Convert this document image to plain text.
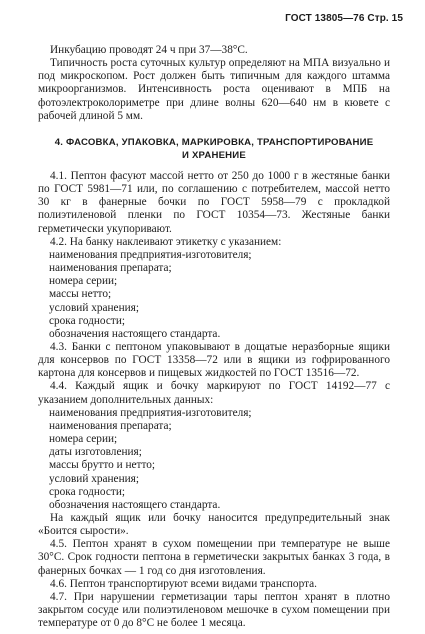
ГОСТ 13805—76 Стр. 15

Инкубацию проводят 24 ч при 37—38°С.

Типичность роста суточных культур определяют на МПА визуально и под микроскопом. Рост должен быть типичным для каждого штамма микроорганизмов. Интенсивность роста оценивают в МПБ на фотоэлектроколориметре при длине волны 620—640 нм в кювете с рабочей длиной 5 мм.

4. ФАСОВКА, УПАКОВКА, МАРКИРОВКА, ТРАНСПОРТИРОВАНИЕ

И ХРАНЕНИЕ

4.1. Пептон фасуют массой нетто от 250 до 1000 г в жестяные банки по ГОСТ 5981—71 или, по соглашению с потребителем, массой нетто 30 кг в фанерные бочки по ГОСТ 5958—79 с прокладкой полиэтиленовой пленки по ГОСТ 10354—73. Жестяные банки герметически укупоривают.

4.2. На банку наклеивают этикетку с указанием:

наименования предприятия-изготовителя;

наименования препарата;

номера серии;

массы нетто;

условий хранения;

срока годности;

обозначения настоящего стандарта.

4.3. Банки с пептоном упаковывают в дощатые неразборные ящики для консервов по ГОСТ 13358—72 или в ящики из гофрированного картона для консервов и пищевых жидкостей по ГОСТ 13516—72.

4.4. Каждый ящик и бочку маркируют по ГОСТ 14192—77 с указанием дополнительных данных:

наименования предприятия-изготовителя;

наименования препарата;

номера серии;

даты изготовления;

массы брутто и нетто;

условий хранения;

срока годности;

обозначения настоящего стандарта.

На каждый ящик или бочку наносится предупредительный знак «Боится сырости».

4.5. Пептон хранят в сухом помещении при температуре не выше 30°С. Срок годности пептона в герметически закрытых банках 3 года, в фанерных бочках — 1 год со дня изготовления.

4.6. Пептон транспортируют всеми видами транспорта.

4.7. При нарушении герметизации тары пептон хранят в плотно закрытом сосуде или полиэтиленовом мешочке в сухом помещении при температуре от 0 до 8°С не более 1 месяца.
